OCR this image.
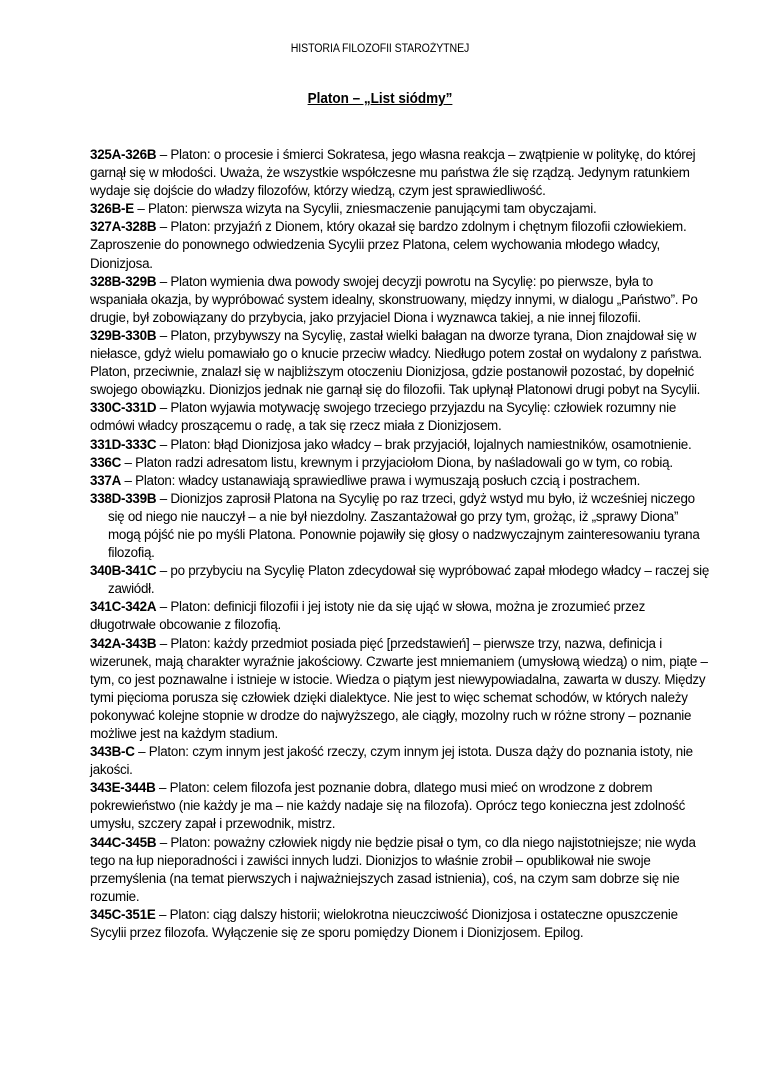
HISTORIA FILOZOFII STAROŻYTNEJ
Platon – „List siódmy”

325A-326B – Platon: o procesie i śmierci Sokratesa, jego własna reakcja – zwątpienie w politykę, do której garnął się w młodości. Uważa, że wszystkie współczesne mu państwa źle się rządzą. Jedynym ratunkiem wydaje się dojście do władzy filozofów, którzy wiedzą, czym jest sprawiedliwość.

326B-E – Platon: pierwsza wizyta na Sycylii, zniesmaczenie panującymi tam obyczajami.

327A-328B – Platon: przyjaźń z Dionem, który okazał się bardzo zdolnym i chętnym filozofii człowiekiem. Zaproszenie do ponownego odwiedzenia Sycylii przez Platona, celem wychowania młodego władcy, Dionizjosa.

328B-329B – Platon wymienia dwa powody swojej decyzji powrotu na Sycylię: po pierwsze, była to wspaniała okazja, by wypróbować system idealny, skonstruowany, między innymi, w dialogu „Państwo”. Po drugie, był zobowiązany do przybycia, jako przyjaciel Diona i wyznawca takiej, a nie innej filozofii.

329B-330B – Platon, przybywszy na Sycylię, zastał wielki bałagan na dworze tyrana, Dion znajdował się w niełasce, gdyż wielu pomawiało go o knucie przeciw władcy. Niedługo potem został on wydalony z państwa. Platon, przeciwnie, znalazł się w najbliższym otoczeniu Dionizjosa, gdzie postanowił pozostać, by dopełnić swojego obowiązku. Dionizjos jednak nie garnął się do filozofii. Tak upłynął Platonowi drugi pobyt na Sycylii.

330C-331D – Platon wyjawia motywację swojego trzeciego przyjazdu na Sycylię: człowiek rozumny nie odmówi władcy proszącemu o radę, a tak się rzecz miała z Dionizjosem.

331D-333C – Platon: błąd Dionizjosa jako władcy – brak przyjaciół, lojalnych namiestników, osamotnienie.

336C – Platon radzi adresatom listu, krewnym i przyjaciołom Diona, by naśladowali go w tym, co robią.

337A – Platon: władcy ustanawiają sprawiedliwe prawa i wymuszają posłuch czcią i postrachem.

338D-339B – Dionizjos zaprosił Platona na Sycylię po raz trzeci, gdyż wstyd mu było, iż wcześniej niczego się od niego nie nauczył – a nie był niezdolny. Zaszantażował go przy tym, grożąc, iż „sprawy Diona” mogą pójść nie po myśli Platona. Ponownie pojawiły się głosy o nadzwyczajnym zainteresowaniu tyrana filozofią.

340B-341C – po przybyciu na Sycylię Platon zdecydował się wypróbować zapał młodego władcy – raczej się zawiódł.

341C-342A – Platon: definicji filozofii i jej istoty nie da się ująć w słowa, można je zrozumieć przez długotrwałe obcowanie z filozofią.

342A-343B – Platon: każdy przedmiot posiada pięć [przedstawień] – pierwsze trzy, nazwa, definicja i wizerunek, mają charakter wyraźnie jakościowy. Czwarte jest mniemaniem (umysłową wiedzą) o nim, piąte – tym, co jest poznawalne i istnieje w istocie. Wiedza o piątym jest niewypowiadalna, zawarta w duszy. Między tymi pięcioma porusza się człowiek dzięki dialektyce. Nie jest to więc schemat schodów, w których należy pokonywać kolejne stopnie w drodze do najwyższego, ale ciągły, mozolny ruch w różne strony – poznanie możliwe jest na każdym stadium.

343B-C – Platon: czym innym jest jakość rzeczy, czym innym jej istota. Dusza dąży do poznania istoty, nie jakości.

343E-344B – Platon: celem filozofa jest poznanie dobra, dlatego musi mieć on wrodzone z dobrem pokrewieństwo (nie każdy je ma – nie każdy nadaje się na filozofa). Oprócz tego konieczna jest zdolność umysłu, szczery zapał i przewodnik, mistrz.

344C-345B – Platon: poważny człowiek nigdy nie będzie pisał o tym, co dla niego najistotniejsze; nie wyda tego na łup nieporadności i zawiści innych ludzi. Dionizjos to właśnie zrobił – opublikował nie swoje przemyślenia (na temat pierwszych i najważniejszych zasad istnienia), coś, na czym sam dobrze się nie rozumie.

345C-351E – Platon: ciąg dalszy historii; wielokrotna nieuczciwość Dionizjosa i ostateczne opuszczenie Sycylii przez filozofa. Wyłączenie się ze sporu pomiędzy Dionem i Dionizjosem. Epilog.
